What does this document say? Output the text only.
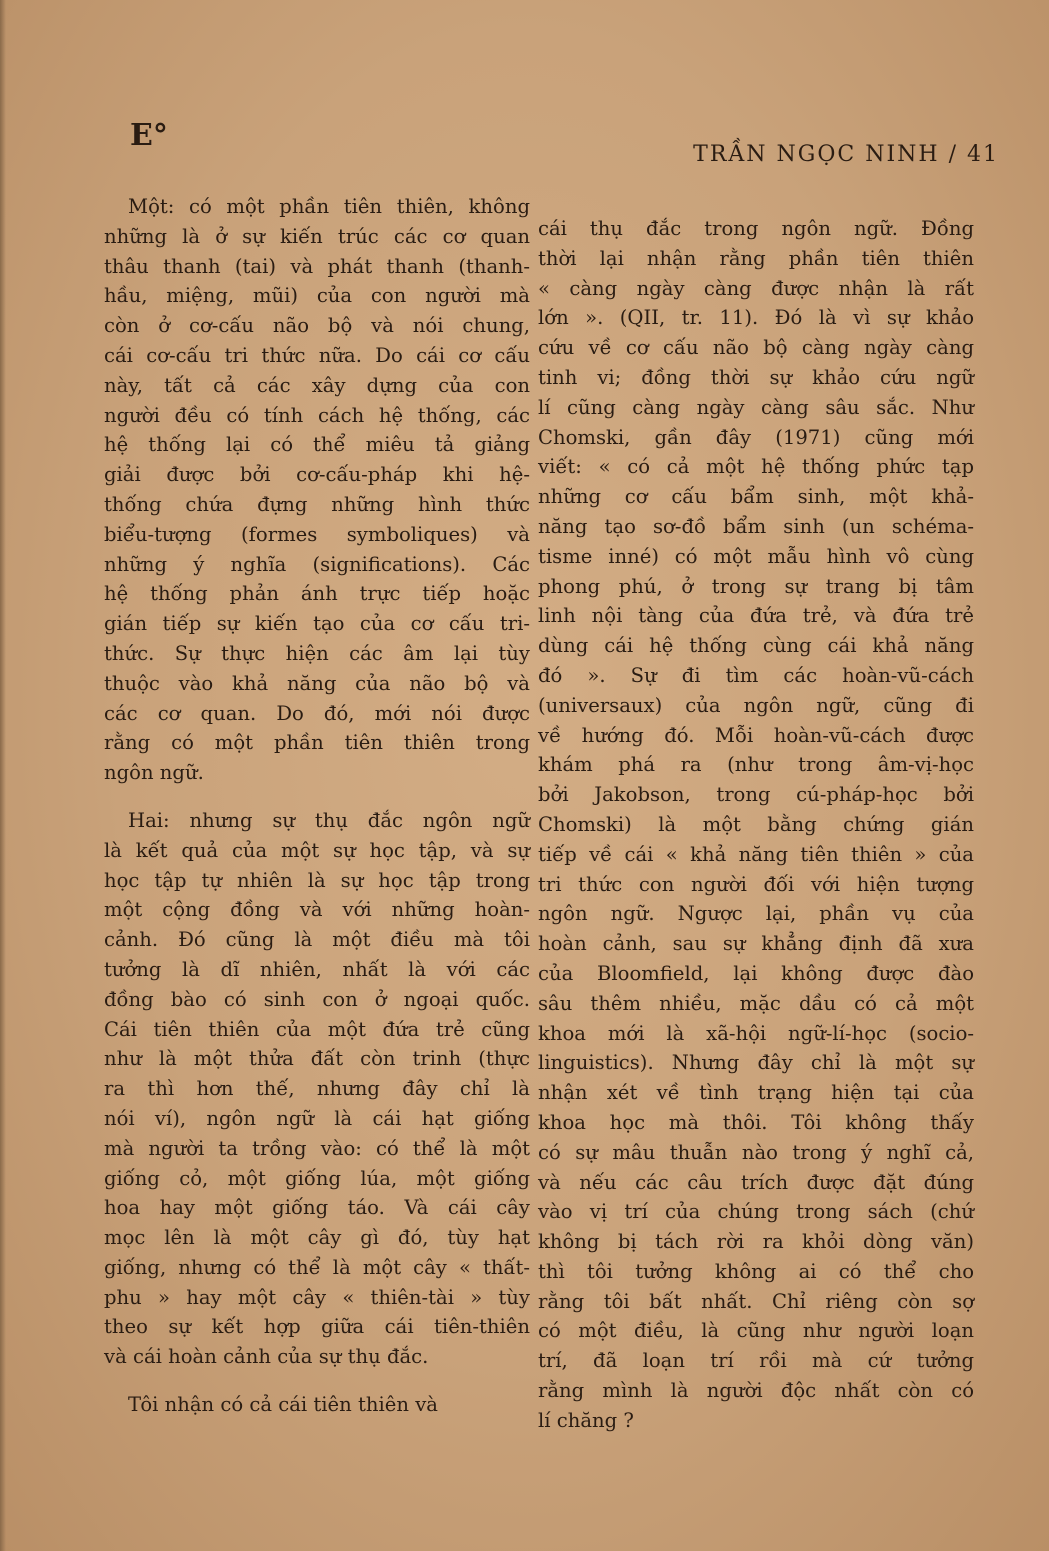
E°
TRẦN NGỌC NINH / 41
Một: có một phần tiên thiên, không
những là ở sự kiến trúc các cơ quan
thâu thanh (tai) và phát thanh (thanh-
hầu, miệng, mũi) của con người mà
còn ở cơ-cấu não bộ và nói chung,
cái cơ-cấu tri thức nữa. Do cái cơ cấu
này, tất cả các xây dựng của con
người đều có tính cách hệ thống, các
hệ thống lại có thể miêu tả giảng
giải được bởi cơ-cấu-pháp khi hệ-
thống chứa đựng những hình thức
biểu-tượng (formes symboliques) và
những ý nghĩa (significations). Các
hệ thống phản ánh trực tiếp hoặc
gián tiếp sự kiến tạo của cơ cấu tri-
thức. Sự thực hiện các âm lại tùy
thuộc vào khả năng của não bộ và
các cơ quan. Do đó, mới nói được
rằng có một phần tiên thiên trong
ngôn ngữ.
Hai: nhưng sự thụ đắc ngôn ngữ
là kết quả của một sự học tập, và sự
học tập tự nhiên là sự học tập trong
một cộng đồng và với những hoàn-
cảnh. Đó cũng là một điều mà tôi
tưởng là dĩ nhiên, nhất là với các
đồng bào có sinh con ở ngoại quốc.
Cái tiên thiên của một đứa trẻ cũng
như là một thửa đất còn trinh (thực
ra thì hơn thế, nhưng đây chỉ là
nói ví), ngôn ngữ là cái hạt giống
mà người ta trồng vào: có thể là một
giống cỏ, một giống lúa, một giống
hoa hay một giống táo. Và cái cây
mọc lên là một cây gì đó, tùy hạt
giống, nhưng có thể là một cây « thất-
phu » hay một cây « thiên-tài » tùy
theo sự kết hợp giữa cái tiên-thiên
và cái hoàn cảnh của sự thụ đắc.
Tôi nhận có cả cái tiên thiên và
cái thụ đắc trong ngôn ngữ. Đồng
thời lại nhận rằng phần tiên thiên
« càng ngày càng được nhận là rất
lớn ». (QII, tr. 11). Đó là vì sự khảo
cứu về cơ cấu não bộ càng ngày càng
tinh vi; đồng thời sự khảo cứu ngữ
lí cũng càng ngày càng sâu sắc. Như
Chomski, gần đây (1971) cũng mới
viết: « có cả một hệ thống phức tạp
những cơ cấu bẩm sinh, một khả-
năng tạo sơ-đồ bẩm sinh (un schéma-
tisme inné) có một mẫu hình vô cùng
phong phú, ở trong sự trang bị tâm
linh nội tàng của đứa trẻ, và đứa trẻ
dùng cái hệ thống cùng cái khả năng
đó ». Sự đi tìm các hoàn-vũ-cách
(universaux) của ngôn ngữ, cũng đi
về hướng đó. Mỗi hoàn-vũ-cách được
khám phá ra (như trong âm-vị-học
bởi Jakobson, trong cú-pháp-học bởi
Chomski) là một bằng chứng gián
tiếp về cái « khả năng tiên thiên » của
tri thức con người đối với hiện tượng
ngôn ngữ. Ngược lại, phần vụ của
hoàn cảnh, sau sự khẳng định đã xưa
của Bloomfield, lại không được đào
sâu thêm nhiều, mặc dầu có cả một
khoa mới là xã-hội ngữ-lí-học (socio-
linguistics). Nhưng đây chỉ là một sự
nhận xét về tình trạng hiện tại của
khoa học mà thôi. Tôi không thấy
có sự mâu thuẫn nào trong ý nghĩ cả,
và nếu các câu trích được đặt đúng
vào vị trí của chúng trong sách (chứ
không bị tách rời ra khỏi dòng văn)
thì tôi tưởng không ai có thể cho
rằng tôi bất nhất. Chỉ riêng còn sợ
có một điều, là cũng như người loạn
trí, đã loạn trí rồi mà cứ tưởng
rằng mình là người độc nhất còn có
lí chăng ?
